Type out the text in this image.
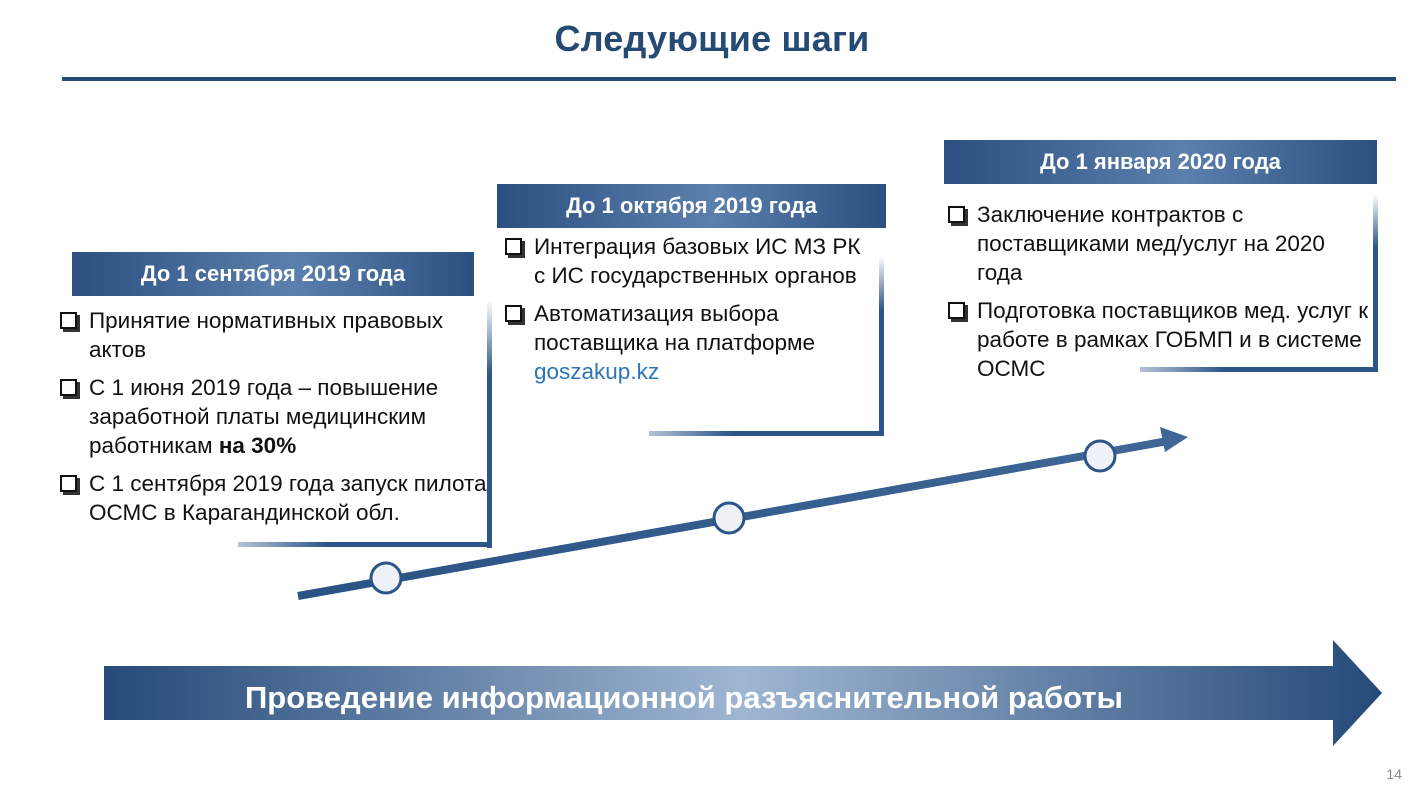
Следующие шаги
До 1 сентября 2019 года
Принятие нормативных правовых актов
С 1 июня 2019 года – повышение заработной платы медицинским работникам на 30%
С 1 сентября 2019 года запуск пилота ОСМС в Карагандинской обл.
До 1 октября 2019 года
Интеграция базовых ИС МЗ РК с ИС государственных органов
Автоматизация выбора поставщика на платформе goszakup.kz
До 1 января 2020 года
Заключение контрактов с поставщиками мед/услуг на 2020 года
Подготовка поставщиков мед. услуг к работе в рамках ГОБМП и в системе ОСМС
Проведение информационной разъяснительной работы
14
